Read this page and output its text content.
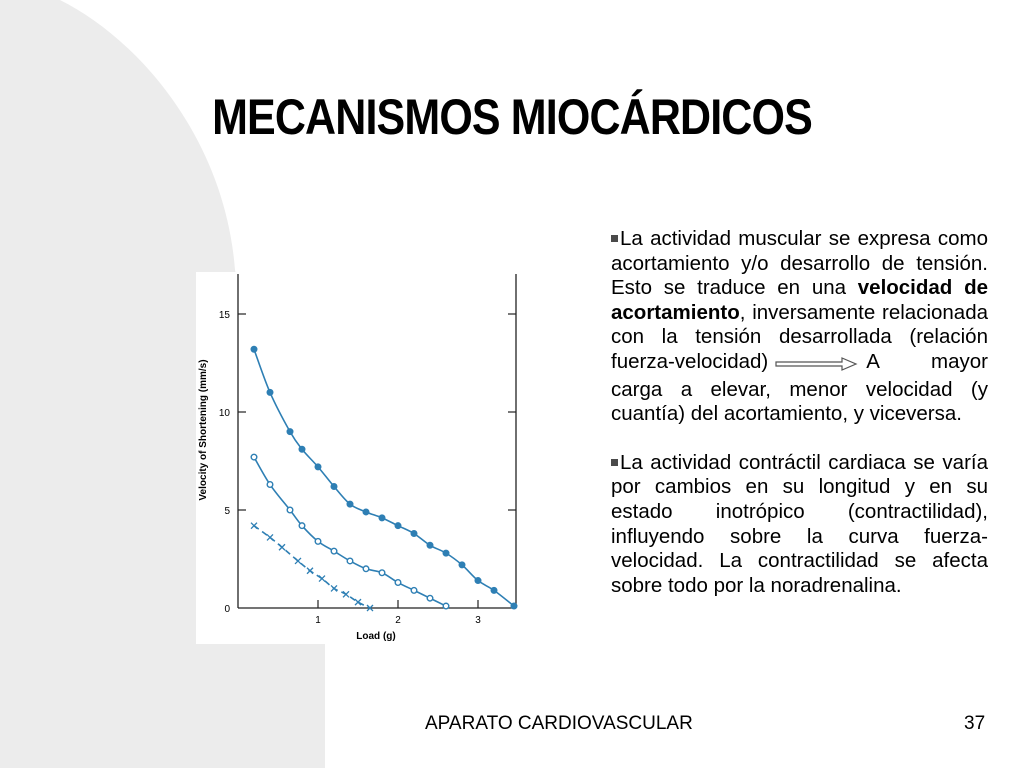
MECANISMOS MIOCÁRDICOS
Velocity of Shortening (mm/s)
Load (g)
0
5
10
15
1	2	3

La actividad muscular se expresa como acortamiento y/o desarrollo de tensión. Esto se traduce en una velocidad de acortamiento, inversamente relacionada con la tensión desarrollada (relación fuerza-velocidad)	A mayor carga a elevar, menor velocidad (y cuantía) del acortamiento, y viceversa.

La actividad contráctil cardiaca se varía por cambios en su longitud y en su estado inotrópico (contractilidad), influyendo sobre la curva fuerza-velocidad. La contractilidad se afecta sobre todo por la noradrenalina.

APARATO CARDIOVASCULAR	37
